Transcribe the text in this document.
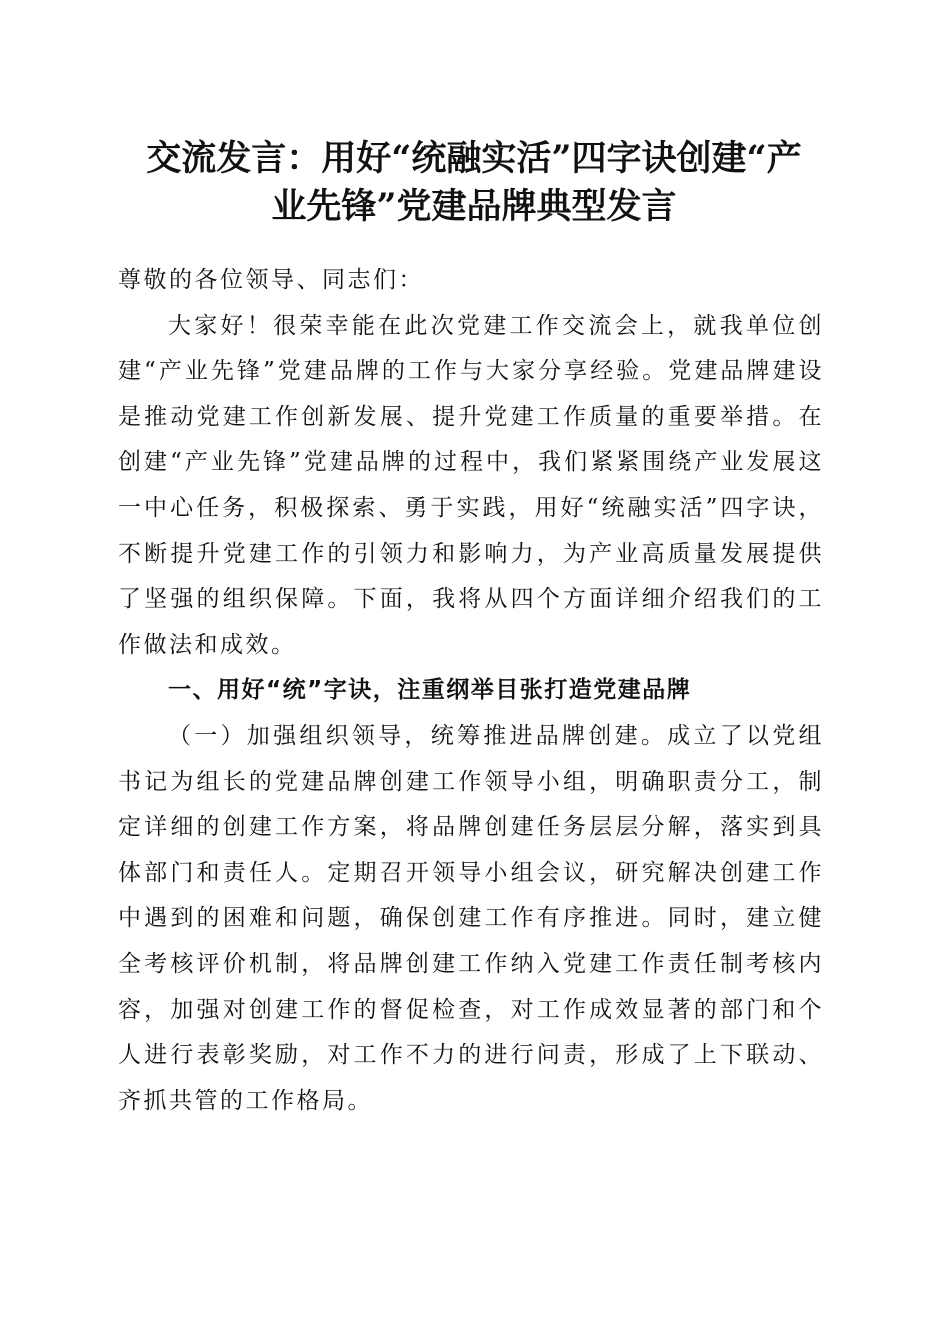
交流发言：用好“统融实活”四字诀创建“产
业先锋”党建品牌典型发言

尊敬的各位领导、同志们：

大家好！很荣幸能在此次党建工作交流会上，就我单位创建“产业先锋”党建品牌的工作与大家分享经验。党建品牌建设是推动党建工作创新发展、提升党建工作质量的重要举措。在创建“产业先锋”党建品牌的过程中，我们紧紧围绕产业发展这一中心任务，积极探索、勇于实践，用好“统融实活”四字诀，不断提升党建工作的引领力和影响力，为产业高质量发展提供了坚强的组织保障。下面，我将从四个方面详细介绍我们的工作做法和成效。

一、用好“统”字诀，注重纲举目张打造党建品牌

（一）加强组织领导，统筹推进品牌创建。成立了以党组书记为组长的党建品牌创建工作领导小组，明确职责分工，制定详细的创建工作方案，将品牌创建任务层层分解，落实到具体部门和责任人。定期召开领导小组会议，研究解决创建工作中遇到的困难和问题，确保创建工作有序推进。同时，建立健全考核评价机制，将品牌创建工作纳入党建工作责任制考核内容，加强对创建工作的督促检查，对工作成效显著的部门和个人进行表彰奖励，对工作不力的进行问责，形成了上下联动、齐抓共管的工作格局。
